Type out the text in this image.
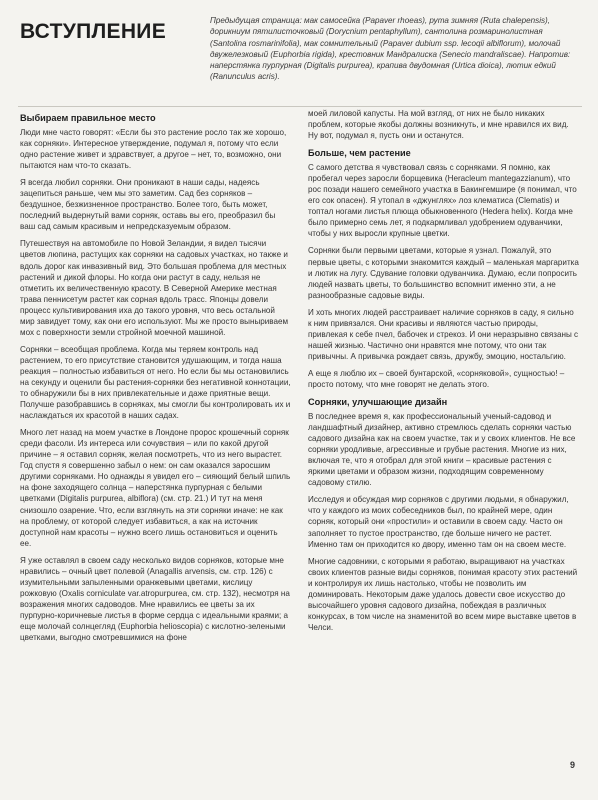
ВСТУПЛЕНИЕ	Предыдущая страница: мак самосейка (Papaver rhoeas), рута зимняя (Ruta chalepensis), дорикниум пятилисточковый (Dorycnium pentaphyllum), сантолина розмаринолистная (Santolina rosmarinifolia), мак сомнительный (Papaver dubium ssp. lecoqii albiflorum), молочай двужелезковый (Euphorbia rigida), крестовник Мандралиска (Senecio mandraliscae). Напротив: наперстянка пурпурная (Digitalis purpurea), крапива двудомная (Urtica dioica), лютик едкий (Ranunculus acris).

Выбираем правильное место

Люди мне часто говорят: «Если бы это растение росло так же хорошо, как сорняки». Интересное утверждение, подумал я, потому что если одно растение живет и здравствует, а другое – нет, то, возможно, они пытаются нам что-то сказать.

Я всегда любил сорняки. Они проникают в наши сады, надеясь зацепиться раньше, чем мы это заметим. Сад без сорняков – бездушное, безжизненное пространство. Более того, быть может, последний выдернутый вами сорняк, оставь вы его, преобразил бы ваш сад самым красивым и непредсказуемым образом.

Путешествуя на автомобиле по Новой Зеландии, я видел тысячи цветов люпина, растущих как сорняки на садовых участках, но также и вдоль дорог как инвазивный вид. Это большая проблема для местных растений и дикой флоры. Но когда они растут в саду, нельзя не отметить их величественную красоту. В Северной Америке местная трава пеннисетум растет как сорная вдоль трасс. Японцы довели процесс культивирования иха до такого уровня, что весь остальной мир завидует тому, как они его используют. Мы же просто выныриваем мох с поверхности земли стройной моечной машиной.

Сорняки – всеобщая проблема. Когда мы теряем контроль над растением, то его присутствие становится удушающим, и тогда наша реакция – полностью избавиться от него. Но если бы мы остановились на секунду и оценили бы растения-сорняки без негативной коннотации, то обнаружили бы в них привлекательные и даже приятные вещи. Получше разобравшись в сорняках, мы смогли бы контролировать их и наслаждаться их красотой в наших садах.

Много лет назад на моем участке в Лондоне пророс крошечный сорняк среди фасоли. Из интереса или сочувствия – или по какой другой причине – я оставил сорняк, желая посмотреть, что из него вырастет. Год спустя я совершенно забыл о нем: он сам оказался заросшим другими сорняками. Но однажды я увидел его – сияющий белый шпиль на фоне заходящего солнца – наперстянка пурпурная с белыми цветками (Digitalis purpurea, albiflora) (см. стр. 21.) И тут на меня снизошло озарение. Что, если взглянуть на эти сорняки иначе: не как на проблему, от которой следует избавиться, а как на источник доступной нам красоты – нужно всего лишь остановиться и оценить ее.

Я уже оставлял в своем саду несколько видов сорняков, которые мне нравились – очный цвет полевой (Anagallis arvensis, см. стр. 126) с изумительными запыленными оранжевыми цветами, кислицу рожковую (Oxalis corniculate var.atropurpurea, см. стр. 132), несмотря на возражения многих садоводов. Мне нравились ее цветы за их пурпурно-коричневые листья в форме сердца с идеальными краями; а еще молочай солнцегляд (Euphorbia helioscopia) с кислотно-зелеными цветками, выгодно смотревшимися на фоне

моей лиловой капусты. На мой взгляд, от них не было никаких проблем, которые якобы должны возникнуть, и мне нравился их вид. Ну вот, подумал я, пусть они и останутся.

Больше, чем растение

С самого детства я чувствовал связь с сорняками. Я помню, как пробегал через заросли борщевика (Heracleum mantegazzianum), что рос позади нашего семейного участка в Бакингемшире (я понимал, что его сок опасен). Я утопал в «джунглях» лоз клематиса (Clematis) и топтал ногами листья плюща обыкновенного (Hedera helix). Когда мне было примерно семь лет, я подкармливал удобрением одуванчики, чтобы у них выросли крупные цветки.

Сорняки были первыми цветами, которые я узнал. Пожалуй, это первые цветы, с которыми знакомится каждый – маленькая маргаритка и лютик на лугу. Сдувание головки одуванчика. Думаю, если попросить людей назвать цветы, то большинство вспомнит именно эти, а не разнообразные садовые виды.

И хоть многих людей расстраивает наличие сорняков в саду, я сильно к ним привязался. Они красивы и являются частью природы, привлекая к себе пчел, бабочек и стрекоз. И они неразрывно связаны с нашей жизнью. Частично они нравятся мне потому, что они так привычны. А привычка рождает связь, дружбу, эмоцию, ностальгию.

А еще я люблю их – своей бунтарской, «сорняковой», сущностью! – просто потому, что мне говорят не делать этого.

Сорняки, улучшающие дизайн

В последнее время я, как профессиональный ученый-садовод и ландшафтный дизайнер, активно стремлюсь сделать сорняки частью садового дизайна как на своем участке, так и у своих клиентов. Не все сорняки уродливые, агрессивные и грубые растения. Многие из них, включая те, что я отобрал для этой книги – красивые растения с яркими цветами и образом жизни, подходящим современному садовому стилю.

Исследуя и обсуждая мир сорняков с другими людьми, я обнаружил, что у каждого из моих собеседников был, по крайней мере, один сорняк, который они «простили» и оставили в своем саду. Часто он заполняет то пустое пространство, где больше ничего не растет. Именно там он приходится ко двору, именно там он на своем месте.

Многие садовники, с которыми я работаю, выращивают на участках своих клиентов разные виды сорняков, понимая красоту этих растений и контролируя их лишь настолько, чтобы не позволить им доминировать. Некоторым даже удалось довести свое искусство до высочайшего уровня садового дизайна, побеждая в различных конкурсах, в том числе на знаменитой во всем мире выставке цветов в Челси.

9
